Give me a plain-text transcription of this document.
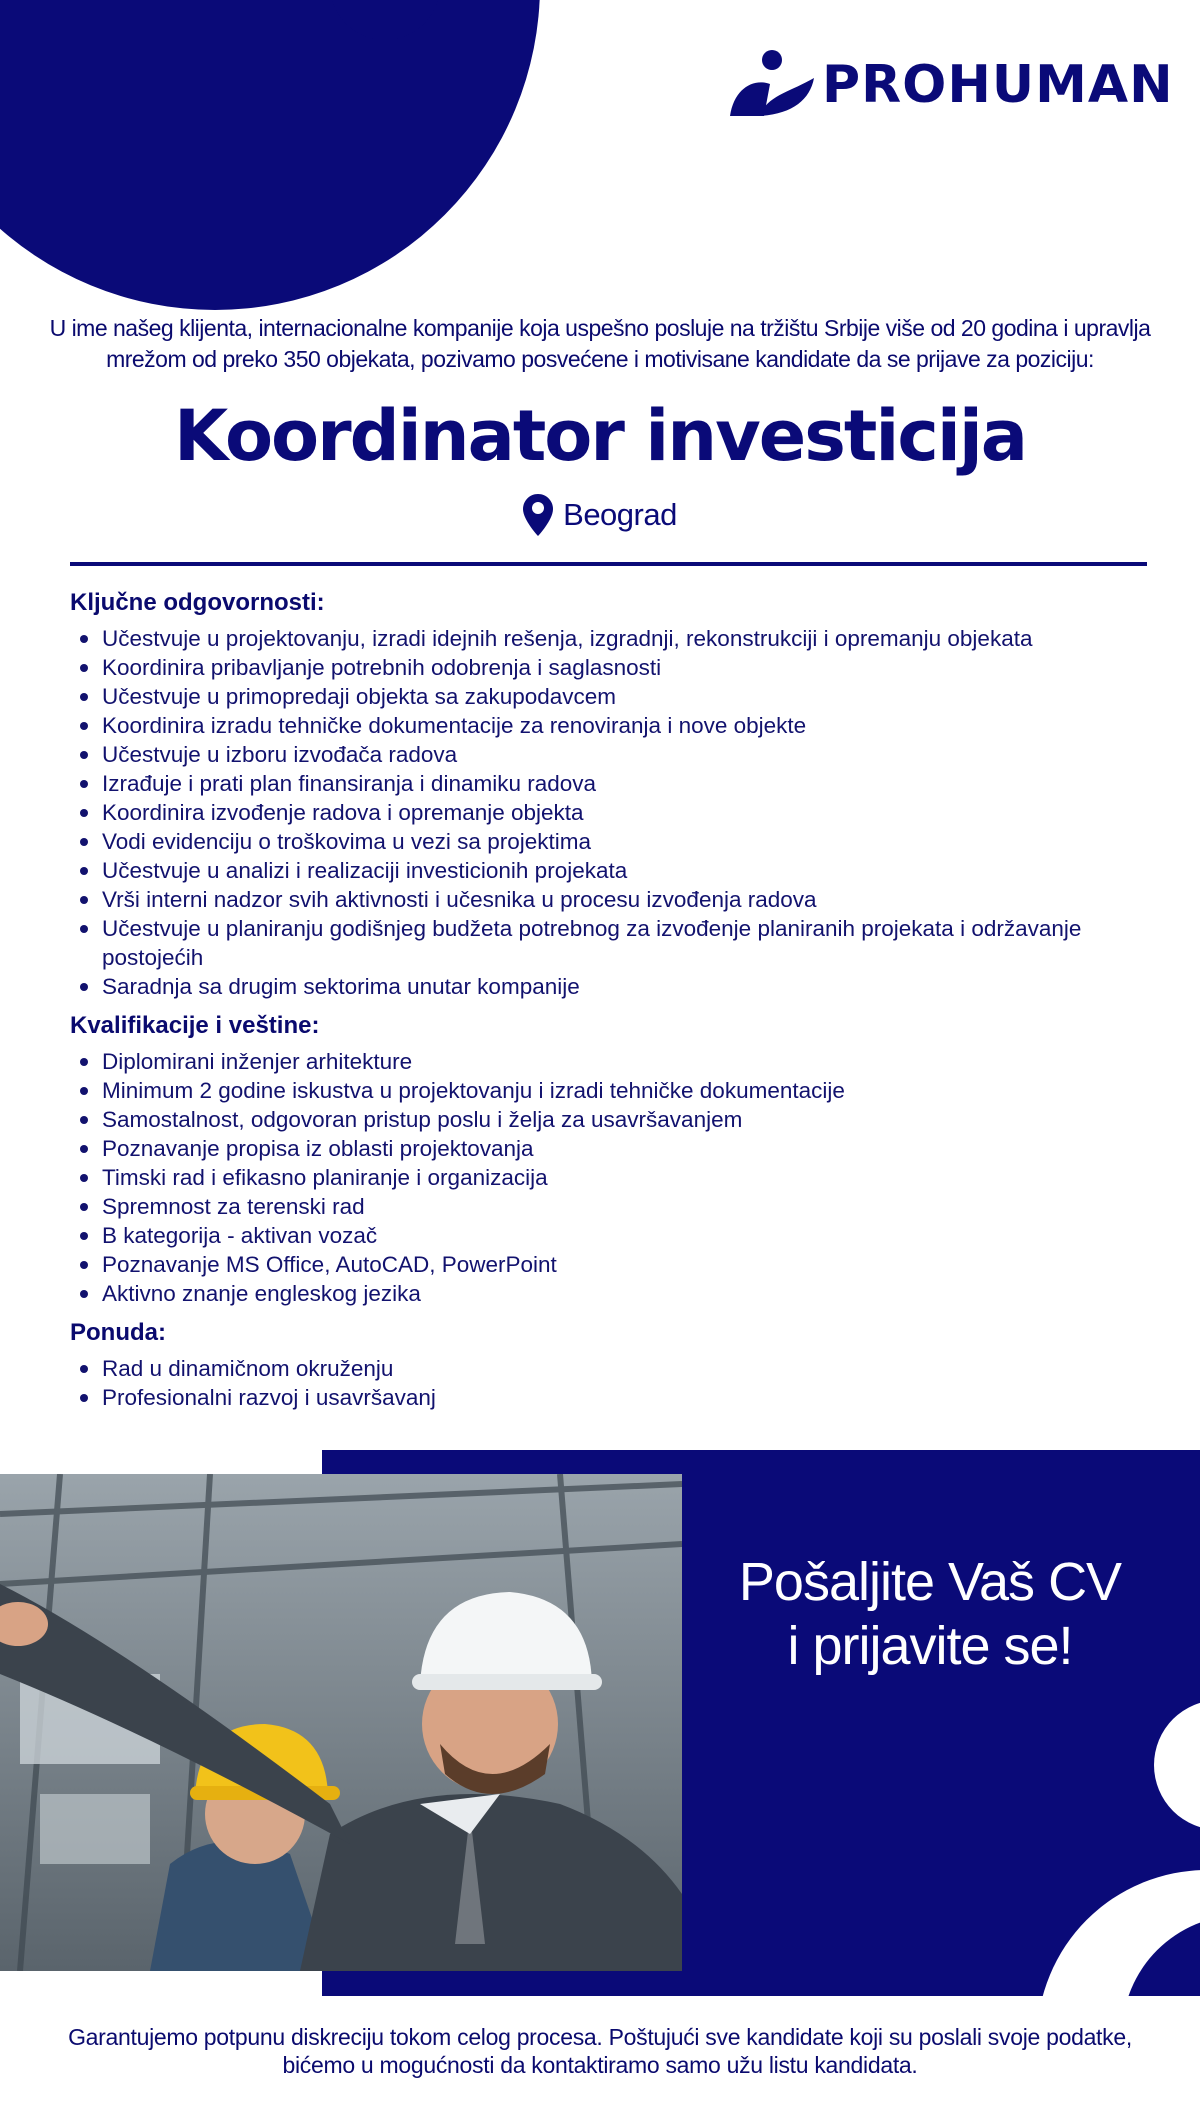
PROHUMAN

U ime našeg klijenta, internacionalne kompanije koja uspešno posluje na tržištu Srbije više od 20 godina i upravlja mrežom od preko 350 objekata, pozivamo posvećene i motivisane kandidate da se prijave za poziciju:

Koordinator investicija
Beograd
Ključne odgovornosti:
Učestvuje u projektovanju, izradi idejnih rešenja, izgradnji, rekonstrukciji i opremanju objekata
Koordinira pribavljanje potrebnih odobrenja i saglasnosti
Učestvuje u primopredaji objekta sa zakupodavcem
Koordinira izradu tehničke dokumentacije za renoviranja i nove objekte
Učestvuje u izboru izvođača radova
Izrađuje i prati plan finansiranja i dinamiku radova
Koordinira izvođenje radova i opremanje objekta
Vodi evidenciju o troškovima u vezi sa projektima
Učestvuje u analizi i realizaciji investicionih projekata
Vrši interni nadzor svih aktivnosti i učesnika u procesu izvođenja radova
Učestvuje u planiranju godišnjeg budžeta potrebnog za izvođenje planiranih projekata i održavanje postojećih
Saradnja sa drugim sektorima unutar kompanije
Kvalifikacije i veštine:
Diplomirani inženjer arhitekture
Minimum 2 godine iskustva u projektovanju i izradi tehničke dokumentacije
Samostalnost, odgovoran pristup poslu i želja za usavršavanjem
Poznavanje propisa iz oblasti projektovanja
Timski rad i efikasno planiranje i organizacija
Spremnost za terenski rad
B kategorija - aktivan vozač
Poznavanje MS Office, AutoCAD, PowerPoint
Aktivno znanje engleskog jezika
Ponuda:
Rad u dinamičnom okruženju
Profesionalni razvoj i usavršavanj
Pošaljite Vaš CV
i prijavite se!

Garantujemo potpunu diskreciju tokom celog procesa. Poštujući sve kandidate koji su poslali svoje podatke, bićemo u mogućnosti da kontaktiramo samo užu listu kandidata.
